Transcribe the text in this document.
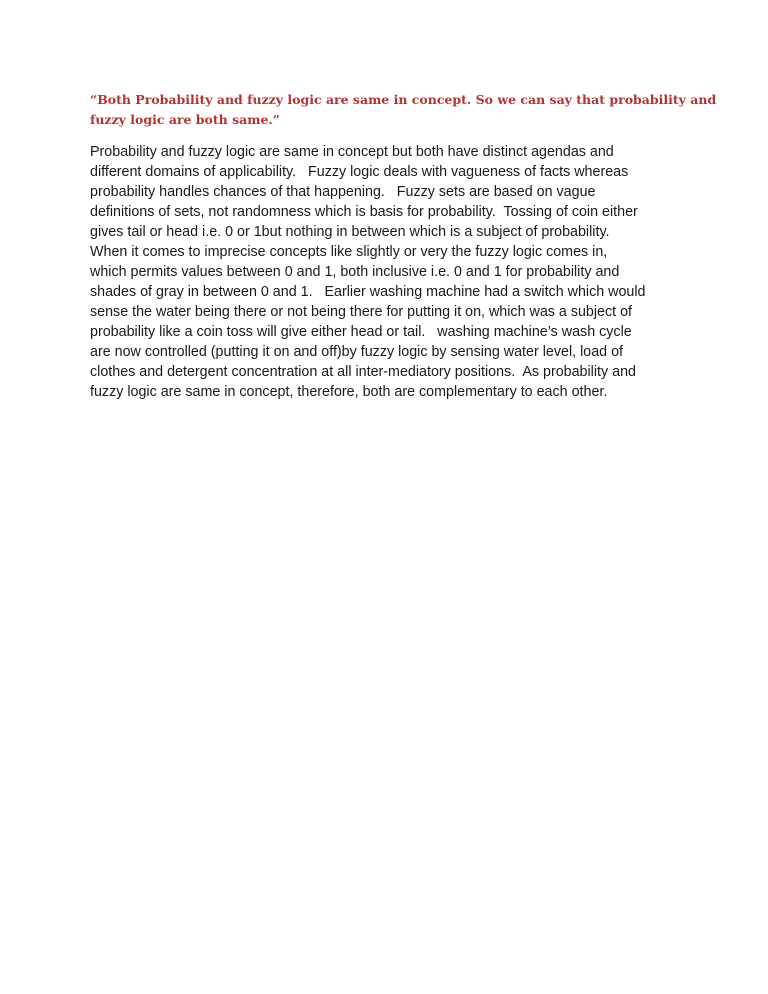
“Both Probability and fuzzy logic are same in concept. So we can say that probability and
fuzzy logic are both same.”

Probability and fuzzy logic are same in concept but both have distinct agendas and
different domains of applicability.   Fuzzy logic deals with vagueness of facts whereas
probability handles chances of that happening.   Fuzzy sets are based on vague
definitions of sets, not randomness which is basis for probability.  Tossing of coin either
gives tail or head i.e. 0 or 1but nothing in between which is a subject of probability.
When it comes to imprecise concepts like slightly or very the fuzzy logic comes in,
which permits values between 0 and 1, both inclusive i.e. 0 and 1 for probability and
shades of gray in between 0 and 1.   Earlier washing machine had a switch which would
sense the water being there or not being there for putting it on, which was a subject of
probability like a coin toss will give either head or tail.   washing machine’s wash cycle
are now controlled (putting it on and off)by fuzzy logic by sensing water level, load of
clothes and detergent concentration at all inter-mediatory positions.  As probability and
fuzzy logic are same in concept, therefore, both are complementary to each other.
